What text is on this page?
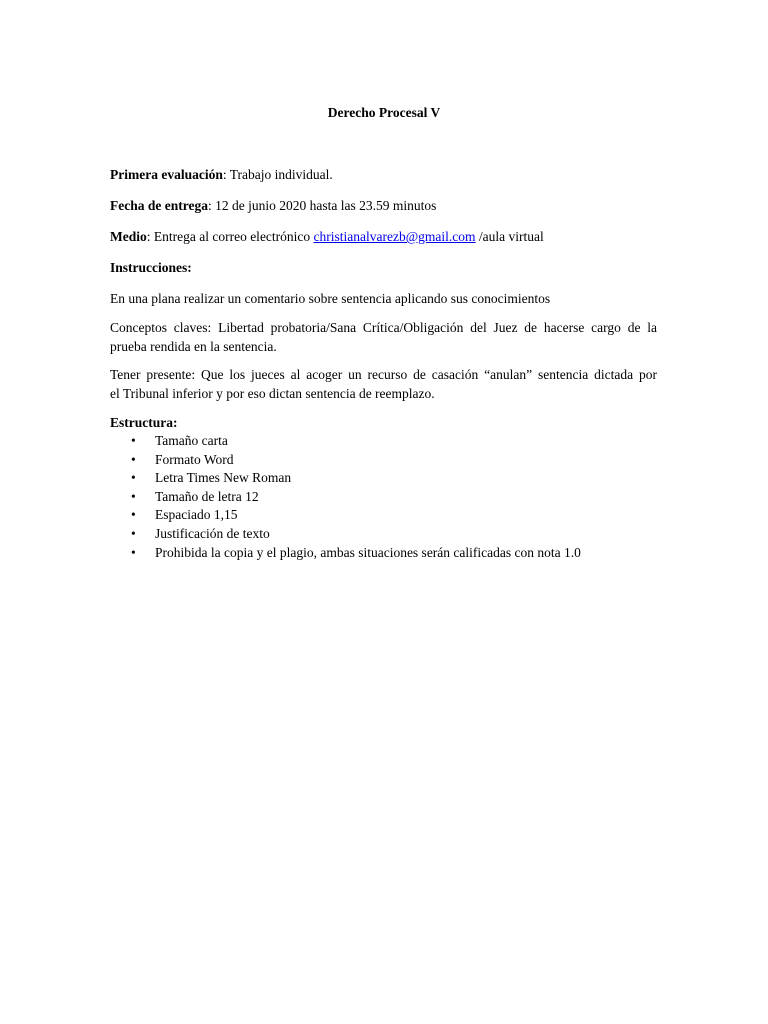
Derecho Procesal V
Primera evaluación: Trabajo individual.
Fecha de entrega: 12 de junio 2020 hasta las 23.59 minutos
Medio: Entrega al correo electrónico christianalvarezb@gmail.com /aula virtual
Instrucciones:
En una plana realizar un comentario sobre sentencia aplicando sus conocimientos
Conceptos claves: Libertad probatoria/Sana Crítica/Obligación del Juez de hacerse cargo de la
prueba rendida en la sentencia.
Tener presente: Que los jueces al acoger un recurso de casación “anulan” sentencia dictada por
el Tribunal inferior y por eso dictan sentencia de reemplazo.
Estructura:
• Tamaño carta
• Formato Word
• Letra Times New Roman
• Tamaño de letra 12
• Espaciado 1,15
• Justificación de texto
• Prohibida la copia y el plagio, ambas situaciones serán calificadas con nota 1.0
